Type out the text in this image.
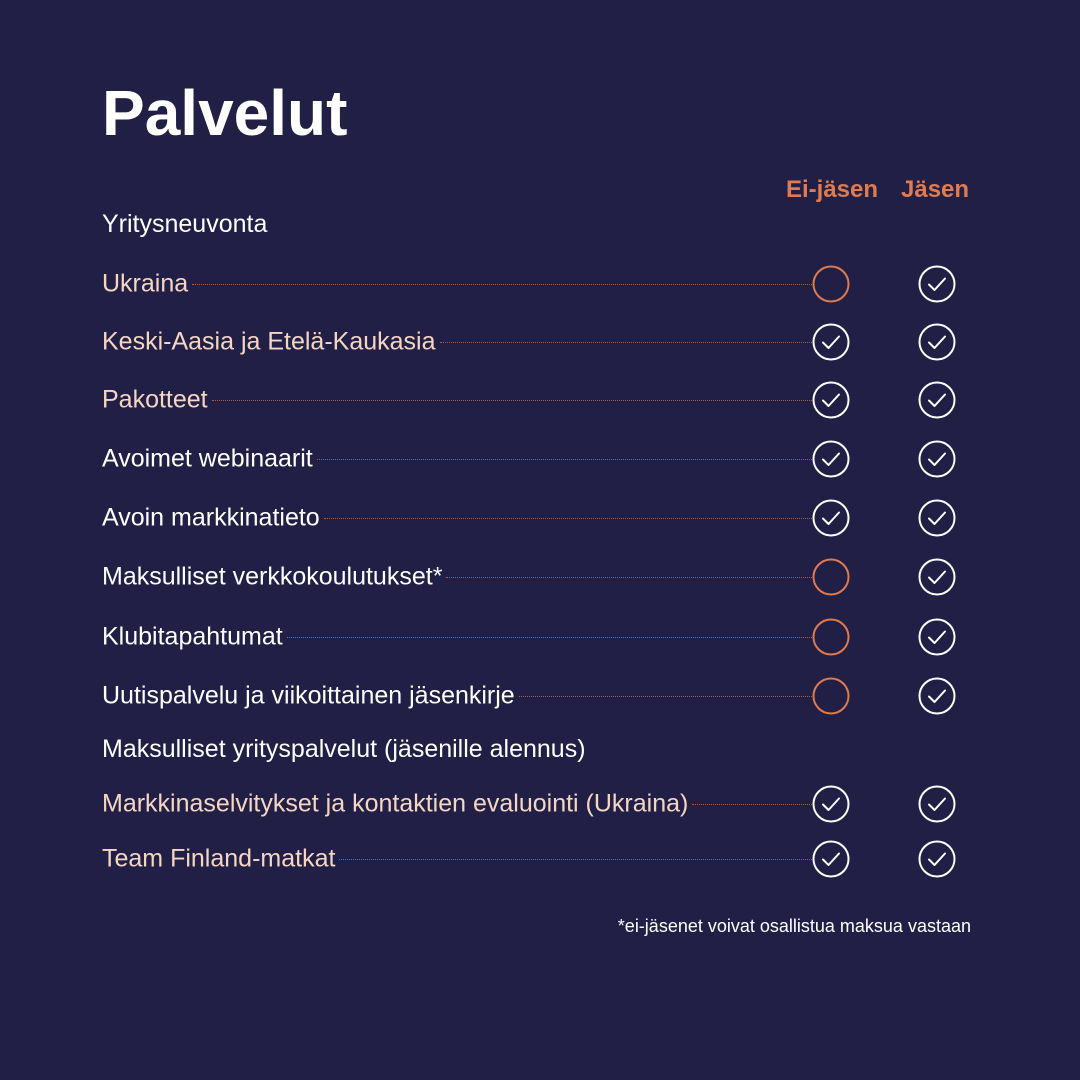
Palvelut
Ei-jäsen Jäsen
Yritysneuvonta
Ukraina
Keski-Aasia ja Etelä-Kaukasia
Pakotteet
Avoimet webinaarit
Avoin markkinatieto
Maksulliset verkkokoulutukset*
Klubitapahtumat
Uutispalvelu ja viikoittainen jäsenkirje
Maksulliset yrityspalvelut (jäsenille alennus)
Markkinaselvitykset ja kontaktien evaluointi (Ukraina)
Team Finland-matkat
*ei-jäsenet voivat osallistua maksua vastaan
